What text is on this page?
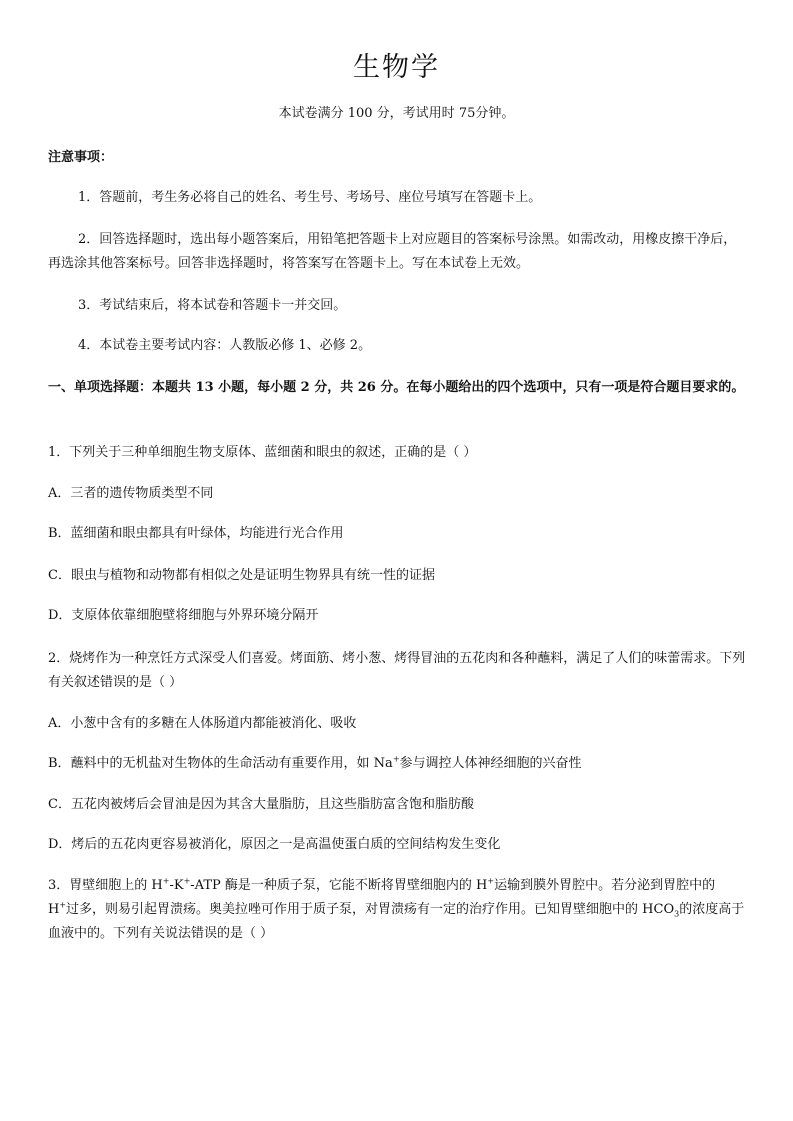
生物学
本试卷满分 100 分，考试用时 75分钟。
注意事项：
1．答题前，考生务必将自己的姓名、考生号、考场号、座位号填写在答题卡上。
2．回答选择题时，选出每小题答案后，用铅笔把答题卡上对应题目的答案标号涂黑。如需改动，用橡皮擦干净后，再选涂其他答案标号。回答非选择题时，将答案写在答题卡上。写在本试卷上无效。
3．考试结束后，将本试卷和答题卡一并交回。
4．本试卷主要考试内容：人教版必修 1、必修 2。
一、单项选择题：本题共 13 小题，每小题 2 分，共 26 分。在每小题给出的四个选项中，只有一项是符合题目要求的。
1．下列关于三种单细胞生物支原体、蓝细菌和眼虫的叙述，正确的是（ ）
A．三者的遗传物质类型不同
B．蓝细菌和眼虫都具有叶绿体，均能进行光合作用
C．眼虫与植物和动物都有相似之处是证明生物界具有统一性的证据
D．支原体依靠细胞壁将细胞与外界环境分隔开
2．烧烤作为一种烹饪方式深受人们喜爱。烤面筋、烤小葱、烤得冒油的五花肉和各种蘸料，满足了人们的味蕾需求。下列有关叙述错误的是（ ）
A．小葱中含有的多糖在人体肠道内都能被消化、吸收
B．蘸料中的无机盐对生物体的生命活动有重要作用，如 Na+参与调控人体神经细胞的兴奋性
C．五花肉被烤后会冒油是因为其含大量脂肪，且这些脂肪富含饱和脂肪酸
D．烤后的五花肉更容易被消化，原因之一是高温使蛋白质的空间结构发生变化
3．胃壁细胞上的 H+-K+-ATP 酶是一种质子泵，它能不断将胃壁细胞内的 H+运输到膜外胃腔中。若分泌到胃腔中的 H+过多，则易引起胃溃疡。奥美拉唑可作用于质子泵，对胃溃疡有一定的治疗作用。已知胃壁细胞中的 $HCO_3$的浓度高于血液中的。下列有关说法错误的是（ ）
